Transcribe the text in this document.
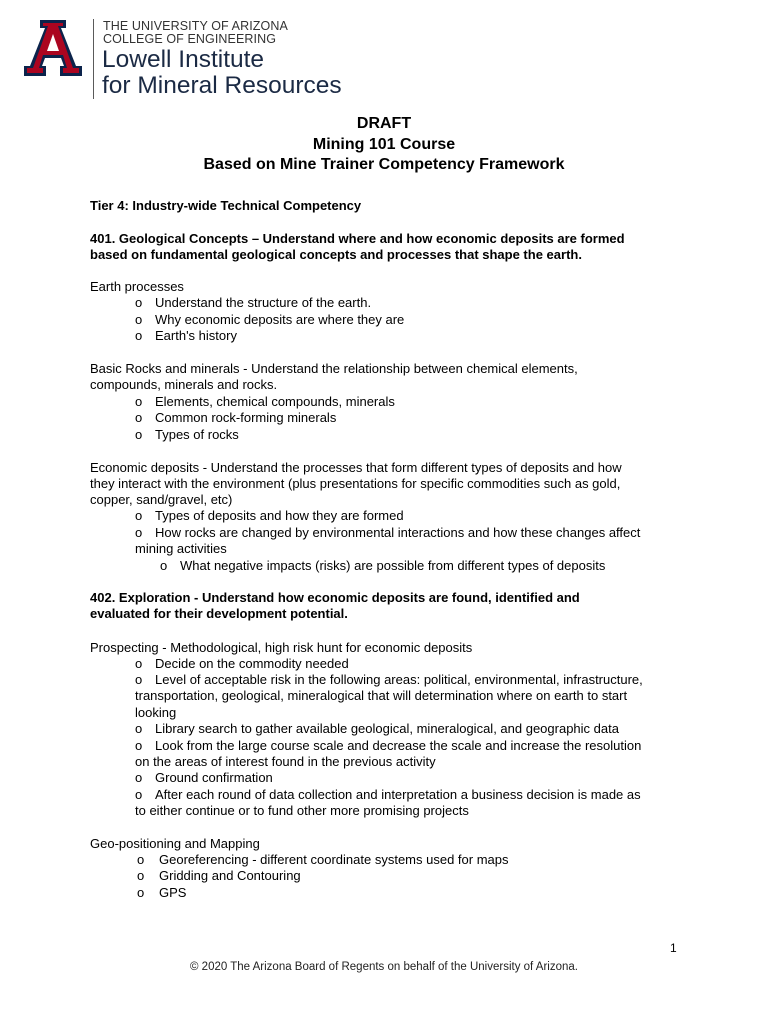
THE UNIVERSITY OF ARIZONA
COLLEGE OF ENGINEERING
Lowell Institute
for Mineral Resources
DRAFT
Mining 101 Course
Based on Mine Trainer Competency Framework
Tier 4: Industry-wide Technical Competency
401. Geological Concepts – Understand where and how economic deposits are formed
based on fundamental geological concepts and processes that shape the earth.
Earth processes
o Understand the structure of the earth.
o Why economic deposits are where they are
o Earth's history
Basic Rocks and minerals - Understand the relationship between chemical elements,
compounds, minerals and rocks.
o Elements, chemical compounds, minerals
o Common rock-forming minerals
o Types of rocks
Economic deposits - Understand the processes that form different types of deposits and how
they interact with the environment (plus presentations for specific commodities such as gold,
copper, sand/gravel, etc)
o Types of deposits and how they are formed
o How rocks are changed by environmental interactions and how these changes affect
mining activities
o What negative impacts (risks) are possible from different types of deposits
402. Exploration - Understand how economic deposits are found, identified and
evaluated for their development potential.
Prospecting - Methodological, high risk hunt for economic deposits
o Decide on the commodity needed
o Level of acceptable risk in the following areas: political, environmental, infrastructure,
transportation, geological, mineralogical that will determination where on earth to start
looking
o Library search to gather available geological, mineralogical, and geographic data
o Look from the large course scale and decrease the scale and increase the resolution
on the areas of interest found in the previous activity
o Ground confirmation
o After each round of data collection and interpretation a business decision is made as
to either continue or to fund other more promising projects
Geo-positioning and Mapping
o Georeferencing - different coordinate systems used for maps
o Gridding and Contouring
o GPS
1
© 2020 The Arizona Board of Regents on behalf of the University of Arizona.
